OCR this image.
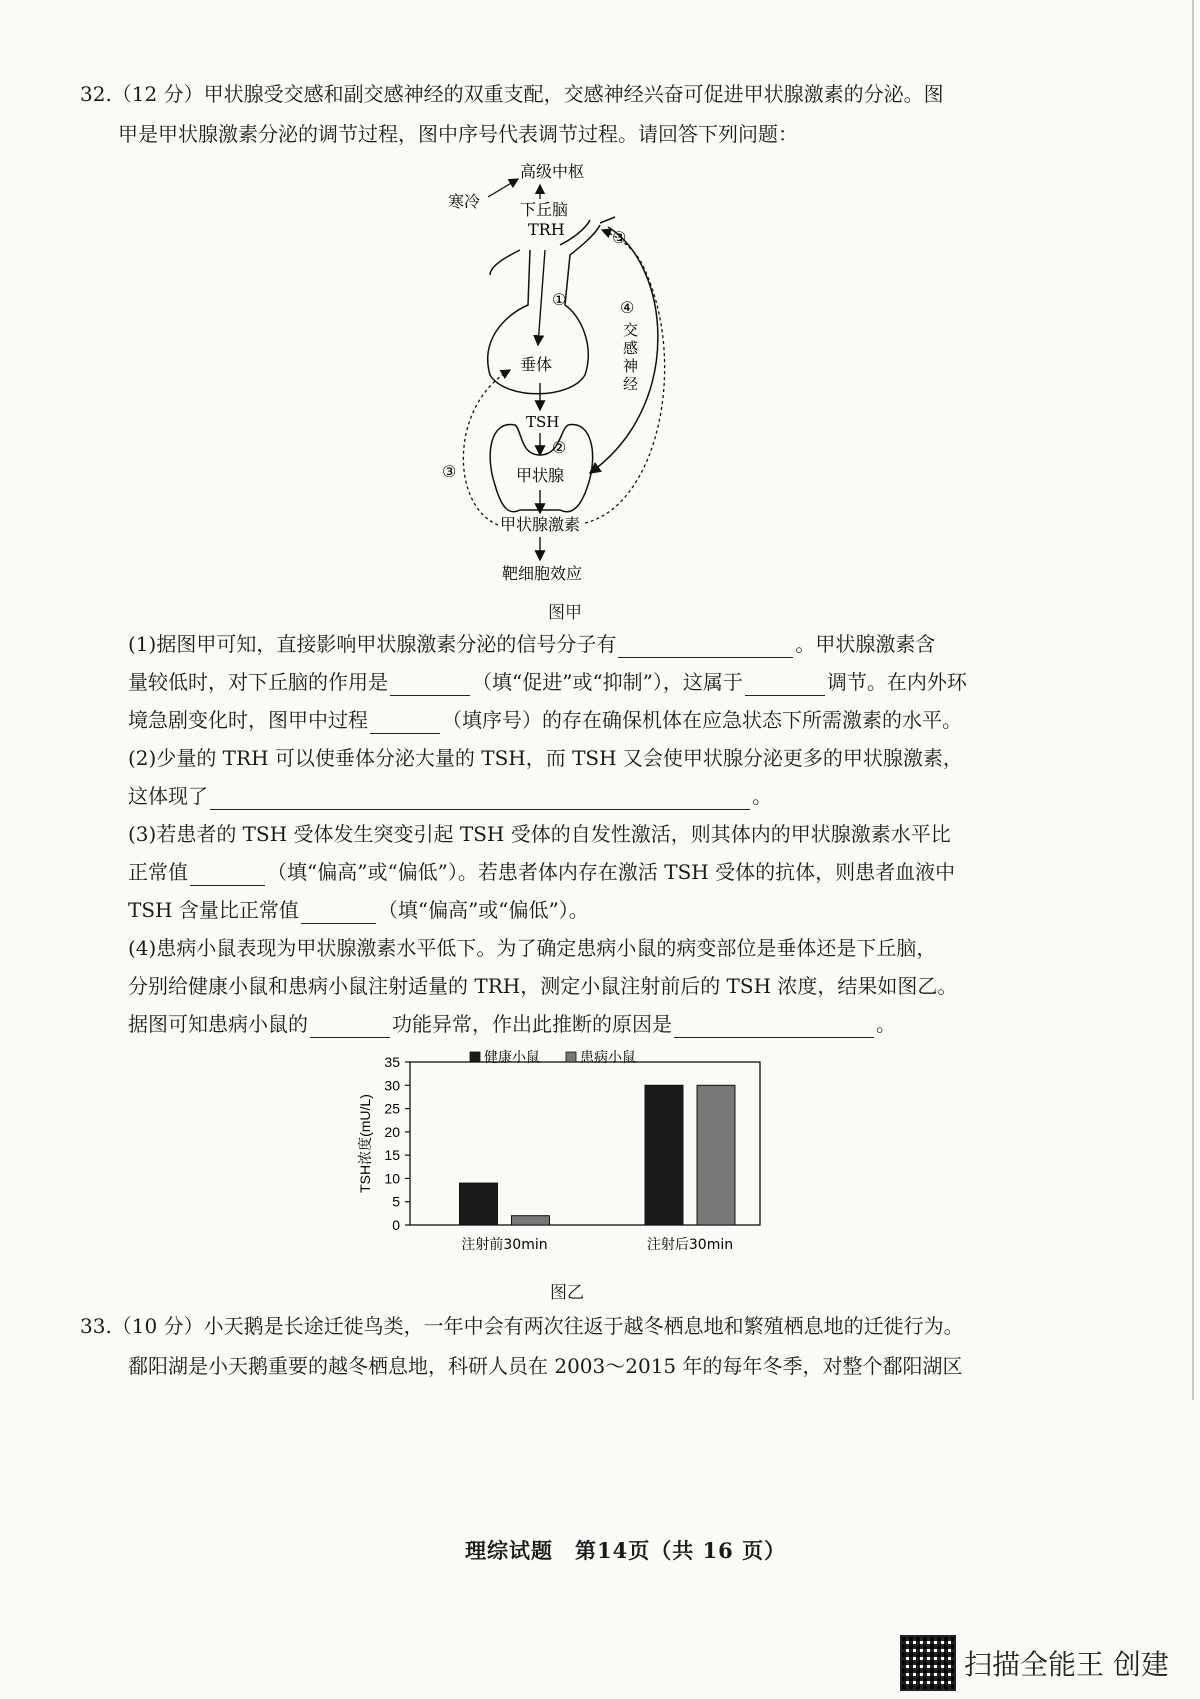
32.（12 分）甲状腺受交感和副交感神经的双重支配，交感神经兴奋可促进甲状腺激素的分泌。图
甲是甲状腺激素分泌的调节过程，图中序号代表调节过程。请回答下列问题：
高级中枢
寒冷 下丘脑
TRH
①
垂体
TSH
②
甲状腺
甲状腺激素
靶细胞效应
③
③
④
交
感
神
经
图甲
(1)据图甲可知，直接影响甲状腺激素分泌的信号分子有	。甲状腺激素含
量较低时，对下丘脑的作用是	（填“促进”或“抑制”），这属于	调节。在内外环
境急剧变化时，图甲中过程	（填序号）的存在确保机体在应急状态下所需激素的水平。
(2)少量的 TRH 可以使垂体分泌大量的 TSH，而 TSH 又会使甲状腺分泌更多的甲状腺激素，
这体现了	。
(3)若患者的 TSH 受体发生突变引起 TSH 受体的自发性激活，则其体内的甲状腺激素水平比
正常值	（填“偏高”或“偏低”）。若患者体内存在激活 TSH 受体的抗体，则患者血液中
TSH 含量比正常值	（填“偏高”或“偏低”）。
(4)患病小鼠表现为甲状腺激素水平低下。为了确定患病小鼠的病变部位是垂体还是下丘脑，
分别给健康小鼠和患病小鼠注射适量的 TRH，测定小鼠注射前后的 TSH 浓度，结果如图乙。
据图可知患病小鼠的	功能异常，作出此推断的原因是	。
0
5
10
15
20
25
30
35
TSH浓度(mU/L)
注射前30min	注射后30min
健康小鼠	患病小鼠
图乙
33.（10 分）小天鹅是长途迁徙鸟类，一年中会有两次往返于越冬栖息地和繁殖栖息地的迁徙行为。
鄱阳湖是小天鹅重要的越冬栖息地，科研人员在 2003～2015 年的每年冬季，对整个鄱阳湖区
理综试题　第14页（共 16 页）
扫描全能王 创建
